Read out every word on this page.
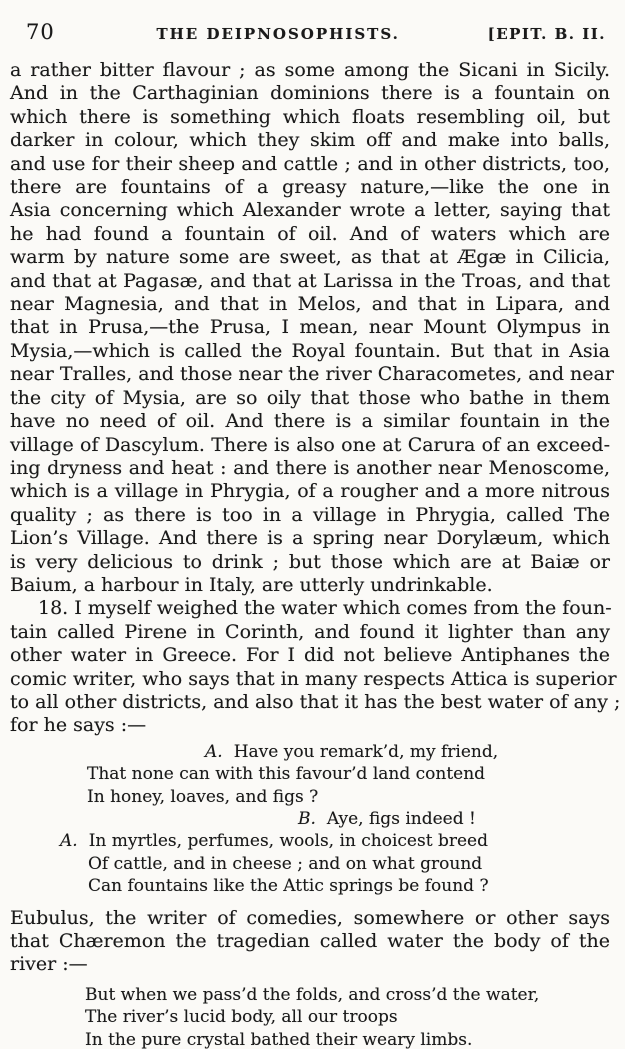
70	THE DEIPNOSOPHISTS.	[EPIT. B. II.
a rather bitter flavour ; as some among the Sicani in Sicily.
And in the Carthaginian dominions there is a fountain on
which there is something which floats resembling oil, but
darker in colour, which they skim off and make into balls,
and use for their sheep and cattle ; and in other districts, too,
there are fountains of a greasy nature,—like the one in
Asia concerning which Alexander wrote a letter, saying that
he had found a fountain of oil. And of waters which are
warm by nature some are sweet, as that at Ægæ in Cilicia,
and that at Pagasæ, and that at Larissa in the Troas, and that
near Magnesia, and that in Melos, and that in Lipara, and
that in Prusa,—the Prusa, I mean, near Mount Olympus in
Mysia,—which is called the Royal fountain. But that in Asia
near Tralles, and those near the river Characometes, and near
the city of Mysia, are so oily that those who bathe in them
have no need of oil. And there is a similar fountain in the
village of Dascylum. There is also one at Carura of an exceed-
ing dryness and heat : and there is another near Menoscome,
which is a village in Phrygia, of a rougher and a more nitrous
quality ; as there is too in a village in Phrygia, called The
Lion’s Village. And there is a spring near Dorylæum, which
is very delicious to drink ; but those which are at Baiæ or
Baium, a harbour in Italy, are utterly undrinkable.
18. I myself weighed the water which comes from the foun-
tain called Pirene in Corinth, and found it lighter than any
other water in Greece. For I did not believe Antiphanes the
comic writer, who says that in many respects Attica is superior
to all other districts, and also that it has the best water of any ;
for he says :—
A. Have you remark’d, my friend,
That none can with this favour’d land contend
In honey, loaves, and figs ?
B. Aye, figs indeed !
A. In myrtles, perfumes, wools, in choicest breed
Of cattle, and in cheese ; and on what ground
Can fountains like the Attic springs be found ?
Eubulus, the writer of comedies, somewhere or other says
that Chæremon the tragedian called water the body of the
river :—
But when we pass’d the folds, and cross’d the water,
The river’s lucid body, all our troops
In the pure crystal bathed their weary limbs.
